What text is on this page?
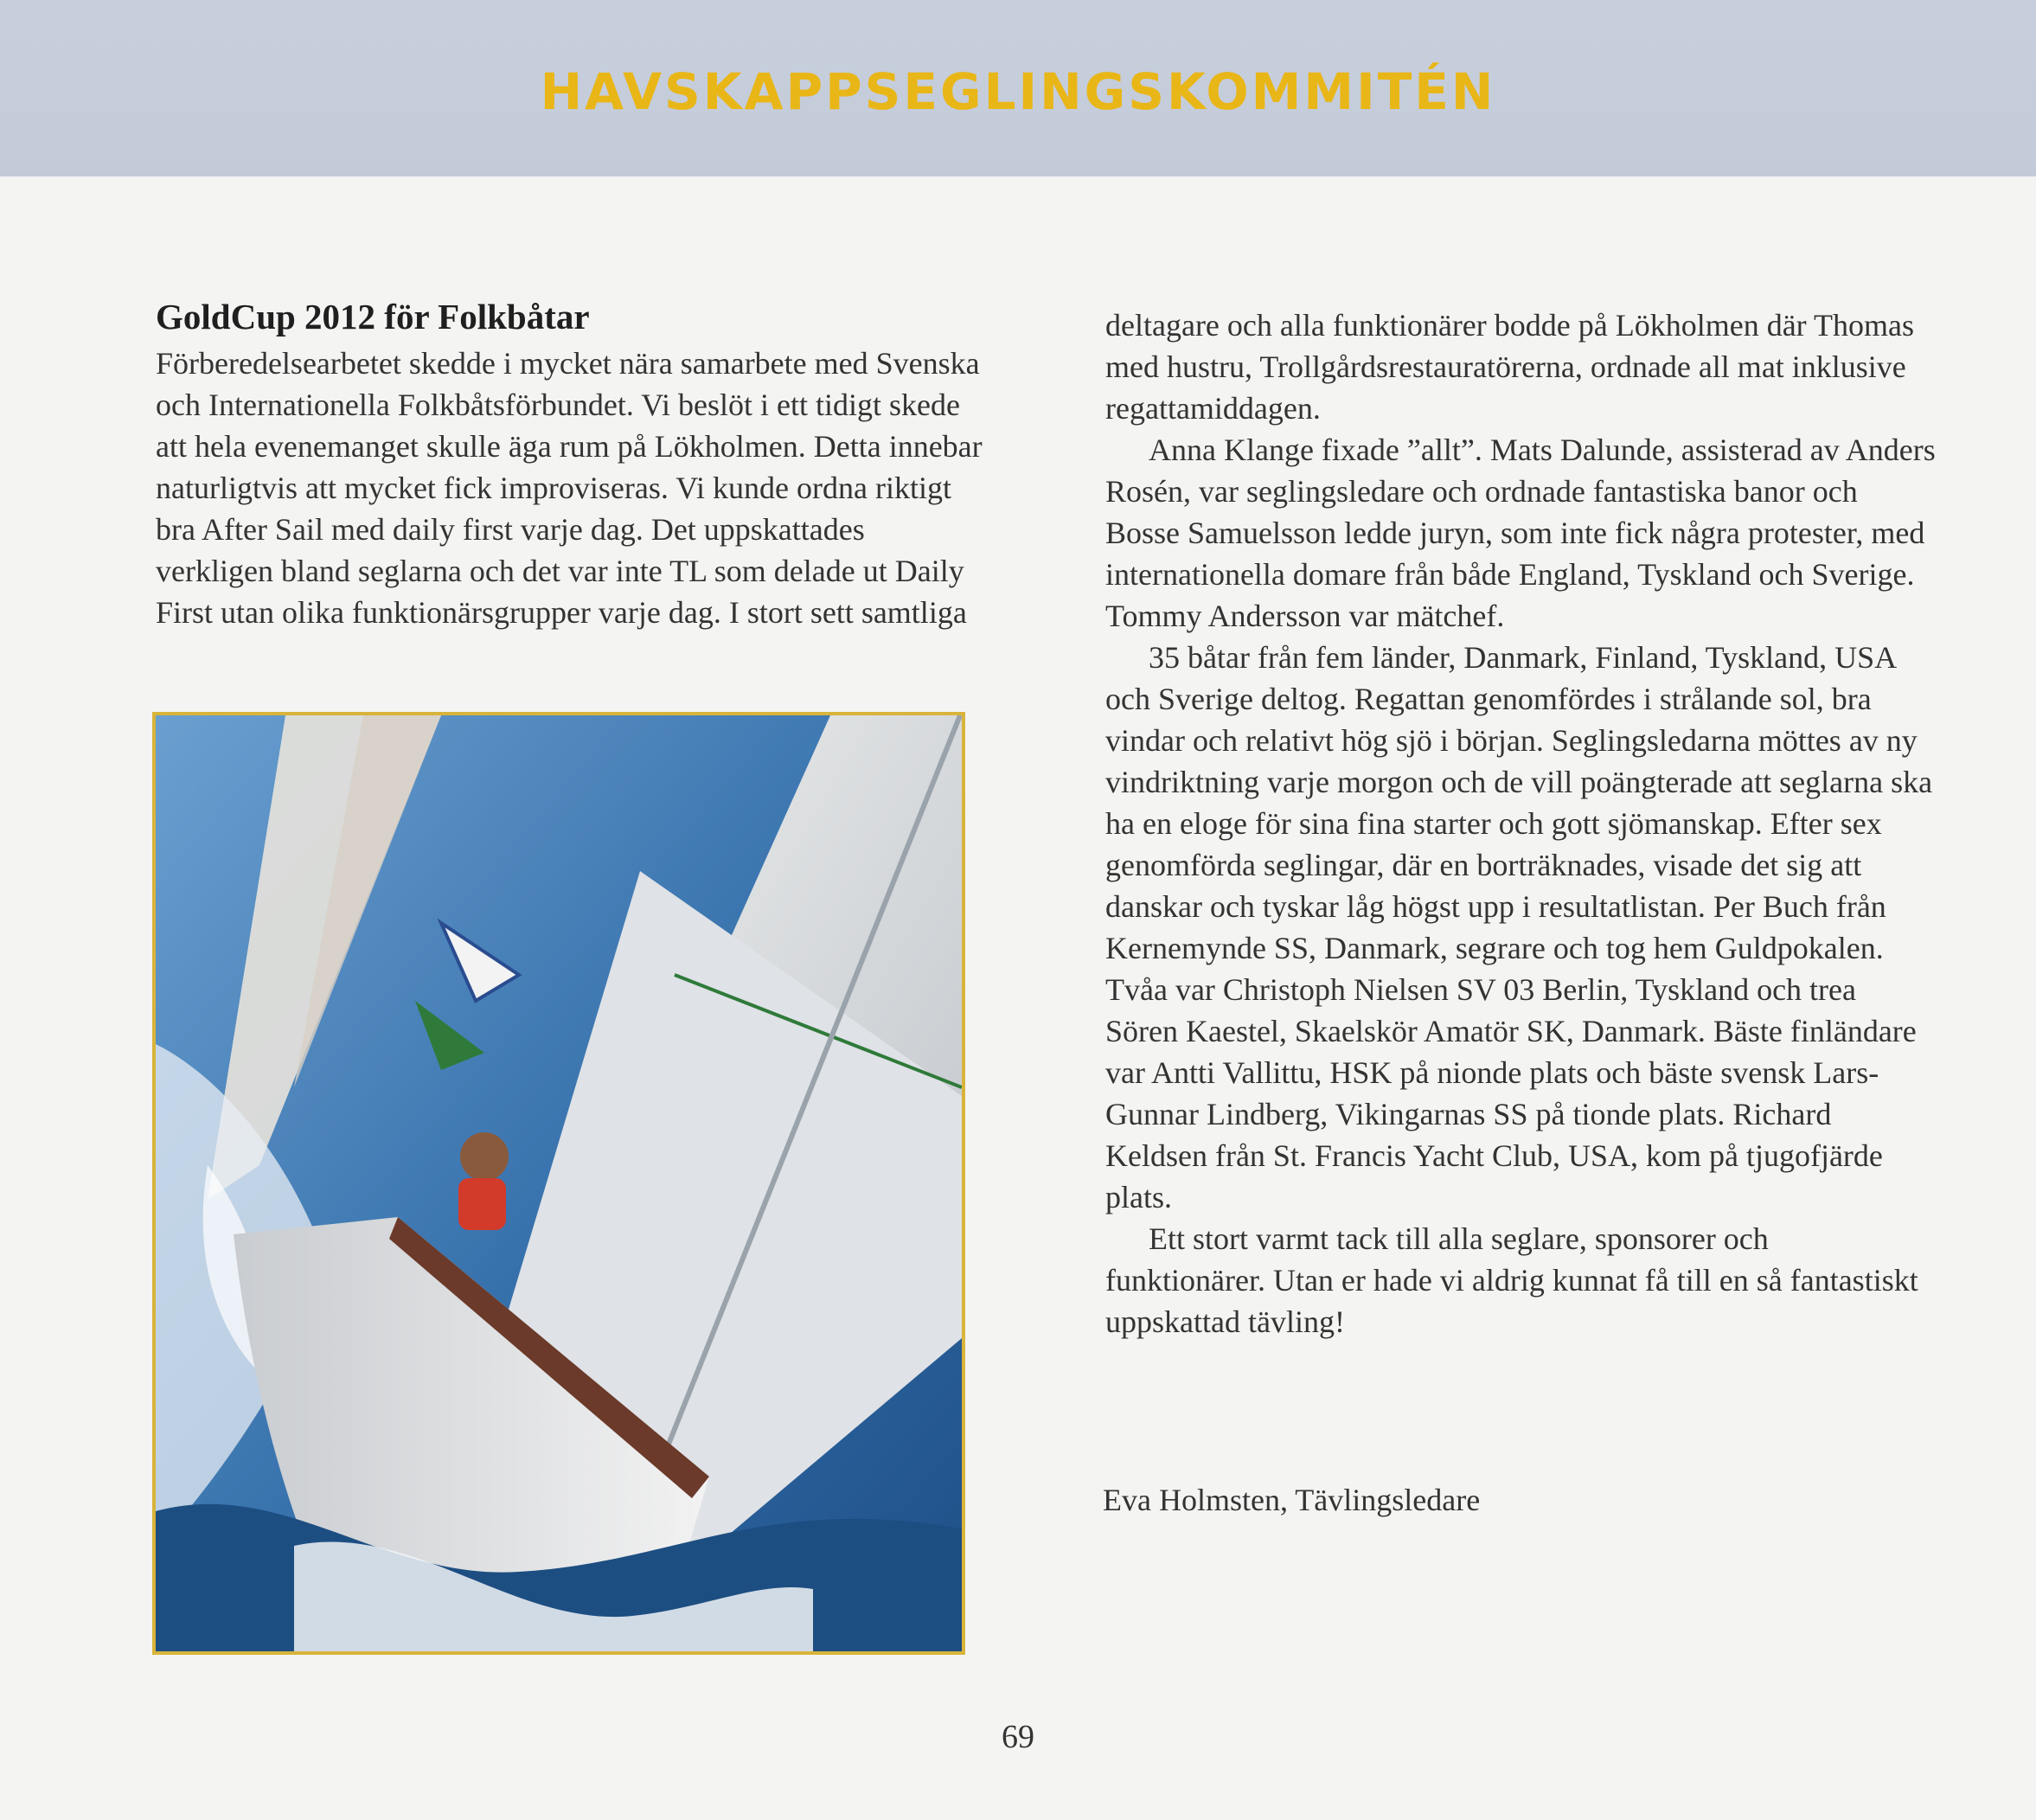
HAVSKAPPSEGLINGSKOMMITÉN
GoldCup 2012 för Folkbåtar

Förberedelsearbetet skedde i mycket nära samarbete med Svenska och Internationella Folkbåtsförbundet. Vi beslöt i ett tidigt skede att hela evenemanget skulle äga rum på Lökholmen. Detta innebar naturligtvis att mycket fick improviseras. Vi kunde ordna riktigt bra After Sail med daily first varje dag. Det uppskattades verkligen bland seglarna och det var inte TL som delade ut Daily First utan olika funktionärsgrupper varje dag. I stort sett samtliga

deltagare och alla funktionärer bodde på Lökholmen där Thomas med hustru, Trollgårdsrestauratörerna, ordnade all mat inklusive regattamiddagen.

Anna Klange fixade ”allt”. Mats Dalunde, assisterad av Anders Rosén, var seglingsledare och ordnade fantastiska banor och Bosse Samuelsson ledde juryn, som inte fick några protester, med internationella domare från både England, Tyskland och Sverige. Tommy Andersson var mätchef.

35 båtar från fem länder, Danmark, Finland, Tyskland, USA och Sverige deltog. Regattan genomfördes i strålande sol, bra vindar och relativt hög sjö i början. Seglingsledarna möttes av ny vindriktning varje morgon och de vill poängterade att seglarna ska ha en eloge för sina fina starter och gott sjömanskap. Efter sex genomförda seglingar, där en borträknades, visade det sig att danskar och tyskar låg högst upp i resultatlistan. Per Buch från Kernemynde SS, Danmark, segrare och tog hem Guldpokalen. Tvåa var Christoph Nielsen SV 03 Berlin, Tyskland och trea Sören Kaestel, Skaelskör Amatör SK, Danmark. Bäste finländare var Antti Vallittu, HSK på nionde plats och bäste svensk Lars-Gunnar Lindberg, Vikingarnas SS på tionde plats. Richard Keldsen från St. Francis Yacht Club, USA, kom på tjugofjärde plats.

Ett stort varmt tack till alla seglare, sponsorer och funktionärer. Utan er hade vi aldrig kunnat få till en så fantastiskt uppskattad tävling!

Eva Holmsten, Tävlingsledare
69
